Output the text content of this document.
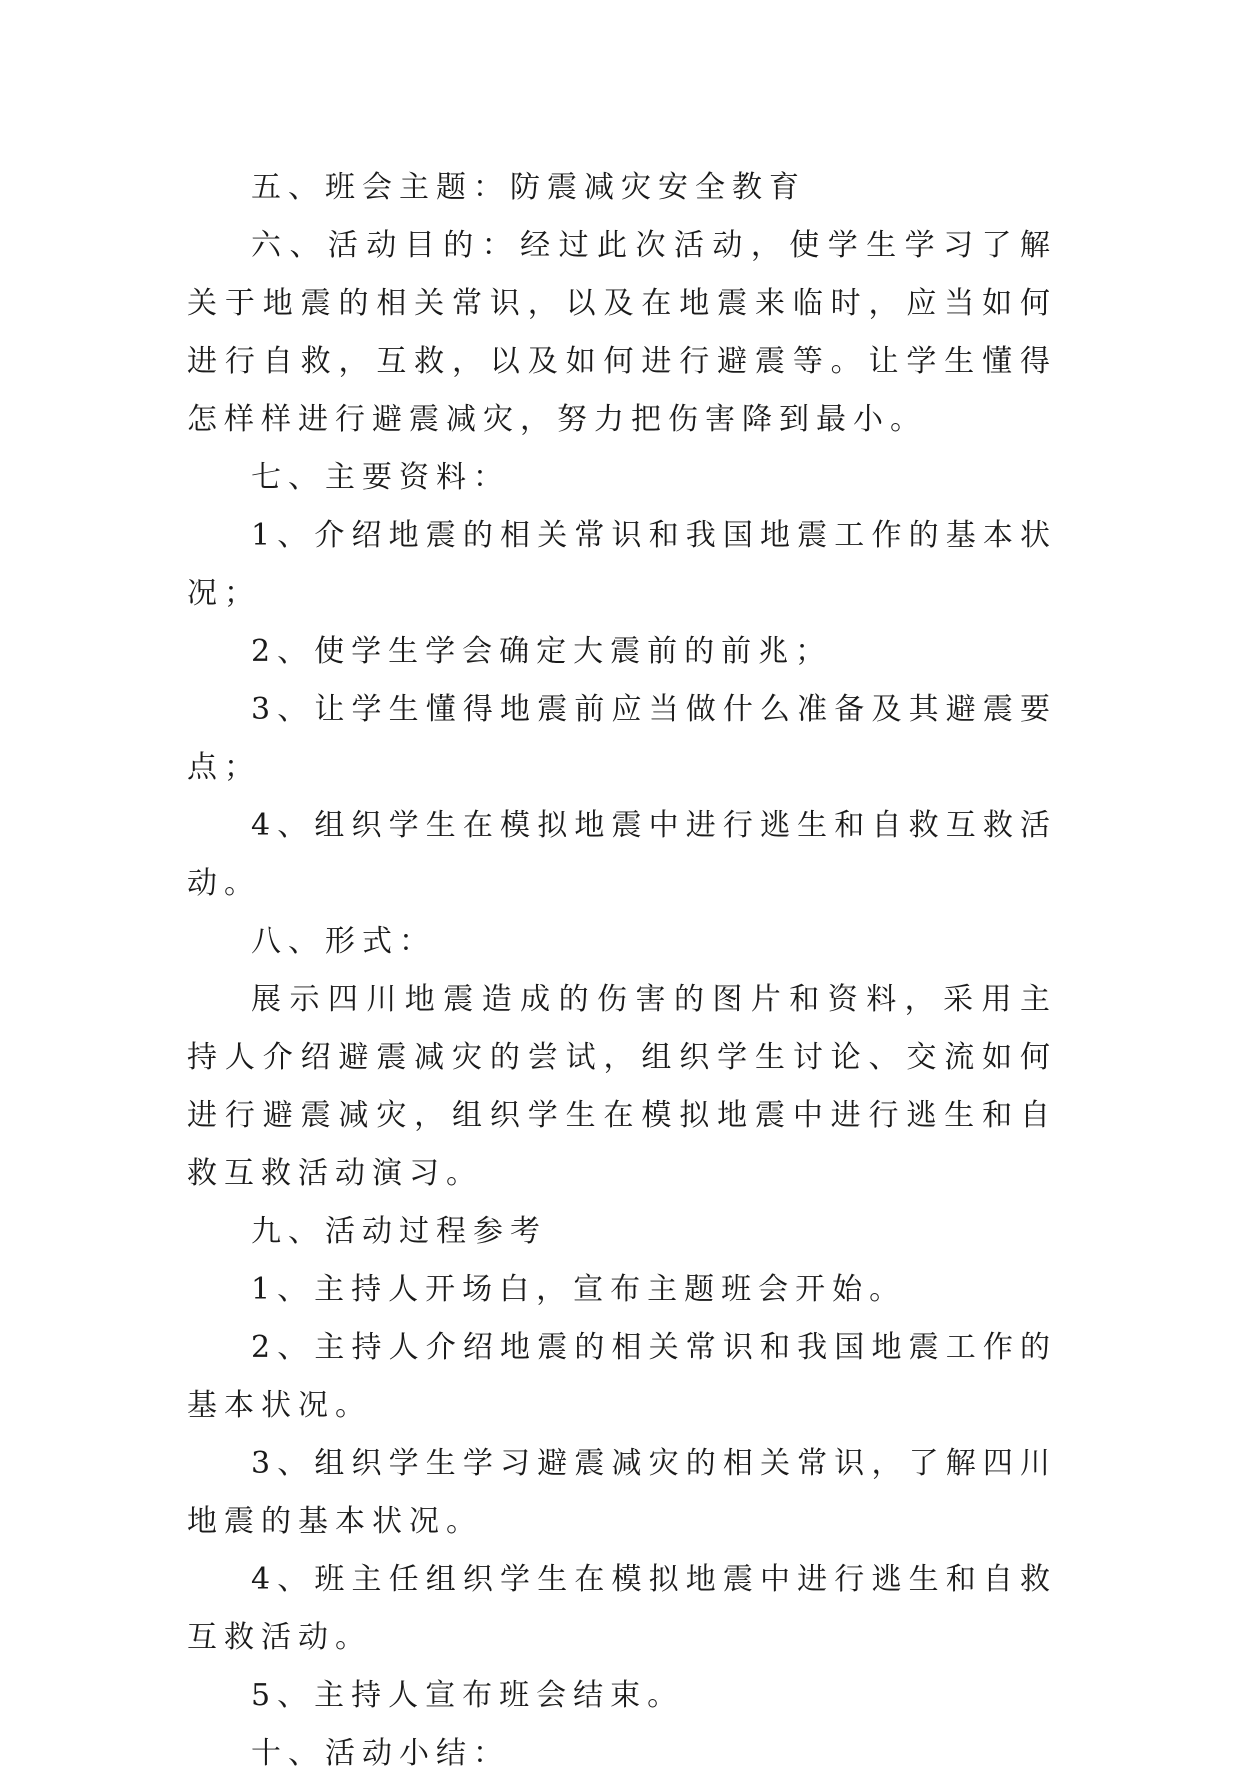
五、班会主题：防震减灾安全教育

六、活动目的：经过此次活动，使学生学习了解关于地震的相关常识，以及在地震来临时，应当如何进行自救，互救，以及如何进行避震等。让学生懂得怎样样进行避震减灾，努力把伤害降到最小。

七、主要资料：

1、介绍地震的相关常识和我国地震工作的基本状况；

2、使学生学会确定大震前的前兆；

3、让学生懂得地震前应当做什么准备及其避震要点；

4、组织学生在模拟地震中进行逃生和自救互救活动。

八、形式：

展示四川地震造成的伤害的图片和资料，采用主持人介绍避震减灾的尝试，组织学生讨论、交流如何进行避震减灾，组织学生在模拟地震中进行逃生和自救互救活动演习。

九、活动过程参考

1、主持人开场白，宣布主题班会开始。

2、主持人介绍地震的相关常识和我国地震工作的基本状况。

3、组织学生学习避震减灾的相关常识，了解四川地震的基本状况。

4、班主任组织学生在模拟地震中进行逃生和自救互救活动。

5、主持人宣布班会结束。

十、活动小结：
